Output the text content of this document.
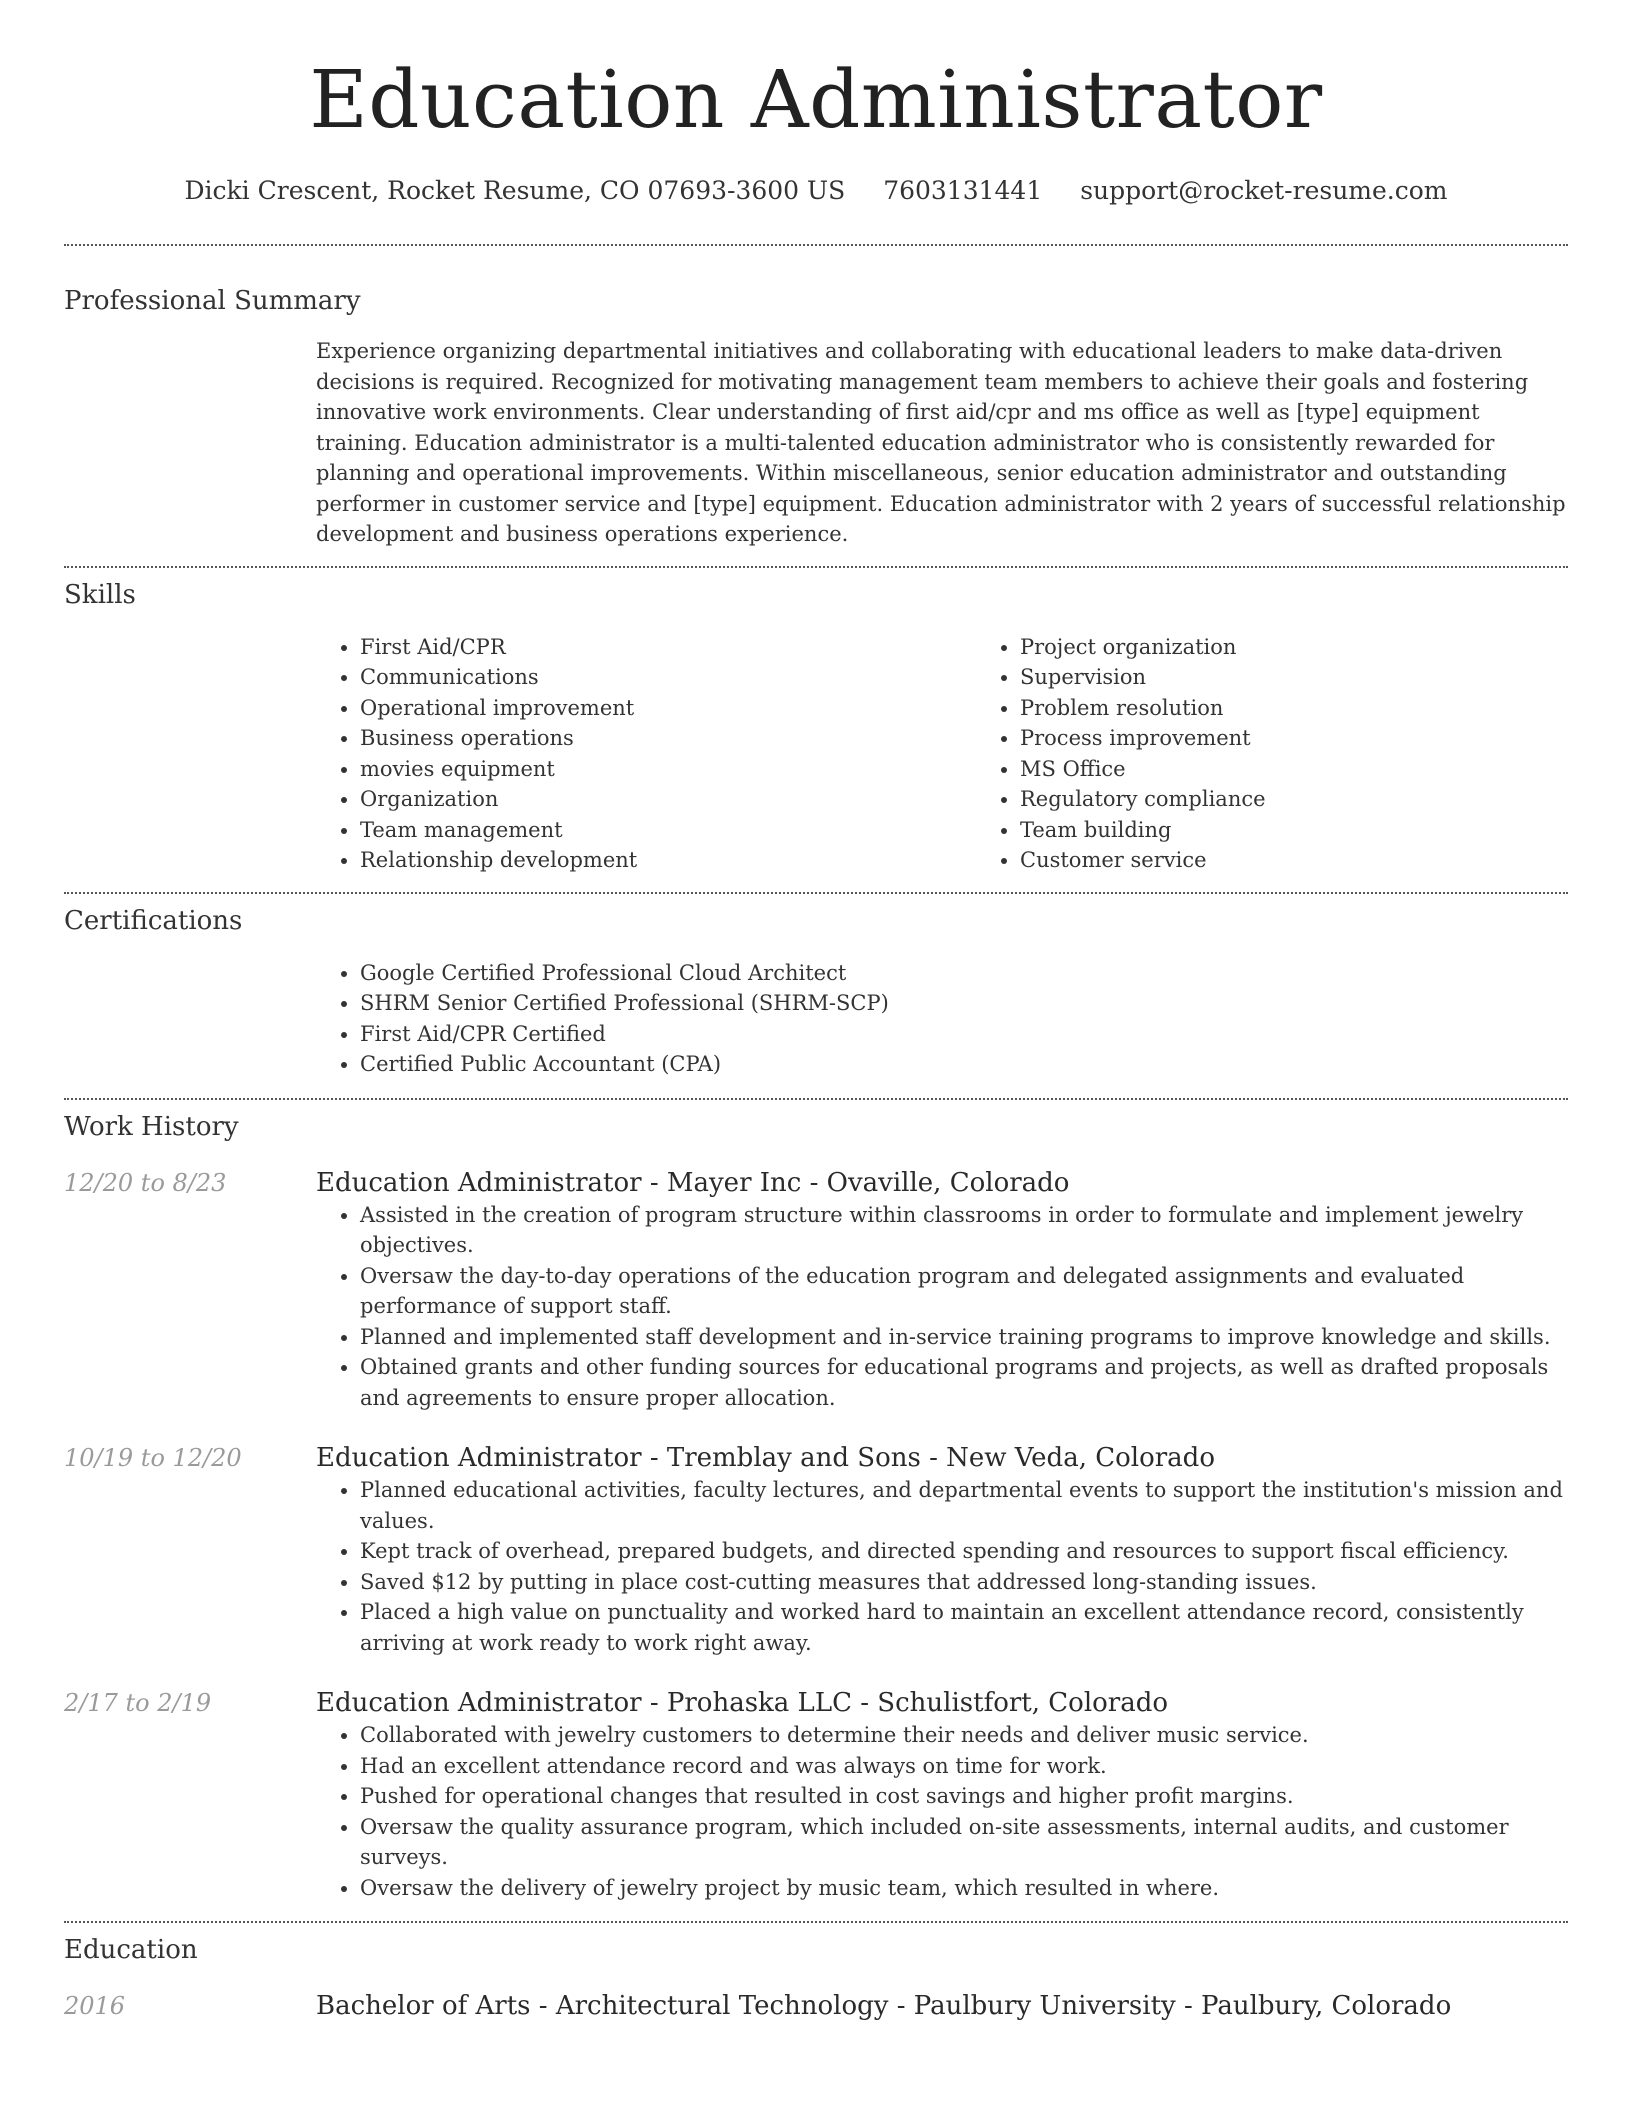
Education Administrator
Dicki Crescent, Rocket Resume, CO 07693-3600 US 7603131441 support@rocket-resume.com
Professional Summary

Experience organizing departmental initiatives and collaborating with educational leaders to make data-driven decisions is required. Recognized for motivating management team members to achieve their goals and fostering innovative work environments. Clear understanding of first aid/cpr and ms office as well as [type] equipment training. Education administrator is a multi-talented education administrator who is consistently rewarded for planning and operational improvements. Within miscellaneous, senior education administrator and outstanding performer in customer service and [type] equipment. Education administrator with 2 years of successful relationship development and business operations experience.

Skills
• First Aid/CPR
• Communications
• Operational improvement
• Business operations
• movies equipment
• Organization
• Team management
• Relationship development
• Project organization
• Supervision
• Problem resolution
• Process improvement
• MS Office
• Regulatory compliance
• Team building
• Customer service
Certifications
• Google Certified Professional Cloud Architect
• SHRM Senior Certified Professional (SHRM-SCP)
• First Aid/CPR Certified
• Certified Public Accountant (CPA)
Work History
12/20 to 8/23	Education Administrator - Mayer Inc - Ovaville, Colorado
• Assisted in the creation of program structure within classrooms in order to formulate and implement jewelry objectives.
• Oversaw the day-to-day operations of the education program and delegated assignments and evaluated performance of support staff.
• Planned and implemented staff development and in-service training programs to improve knowledge and skills.
• Obtained grants and other funding sources for educational programs and projects, as well as drafted proposals and agreements to ensure proper allocation.
10/19 to 12/20	Education Administrator - Tremblay and Sons - New Veda, Colorado
• Planned educational activities, faculty lectures, and departmental events to support the institution's mission and values.
• Kept track of overhead, prepared budgets, and directed spending and resources to support fiscal efficiency.
• Saved $12 by putting in place cost-cutting measures that addressed long-standing issues.
• Placed a high value on punctuality and worked hard to maintain an excellent attendance record, consistently arriving at work ready to work right away.
2/17 to 2/19	Education Administrator - Prohaska LLC - Schulistfort, Colorado
• Collaborated with jewelry customers to determine their needs and deliver music service.
• Had an excellent attendance record and was always on time for work.
• Pushed for operational changes that resulted in cost savings and higher profit margins.
• Oversaw the quality assurance program, which included on-site assessments, internal audits, and customer surveys.
• Oversaw the delivery of jewelry project by music team, which resulted in where.
Education
2016	Bachelor of Arts - Architectural Technology - Paulbury University - Paulbury, Colorado
